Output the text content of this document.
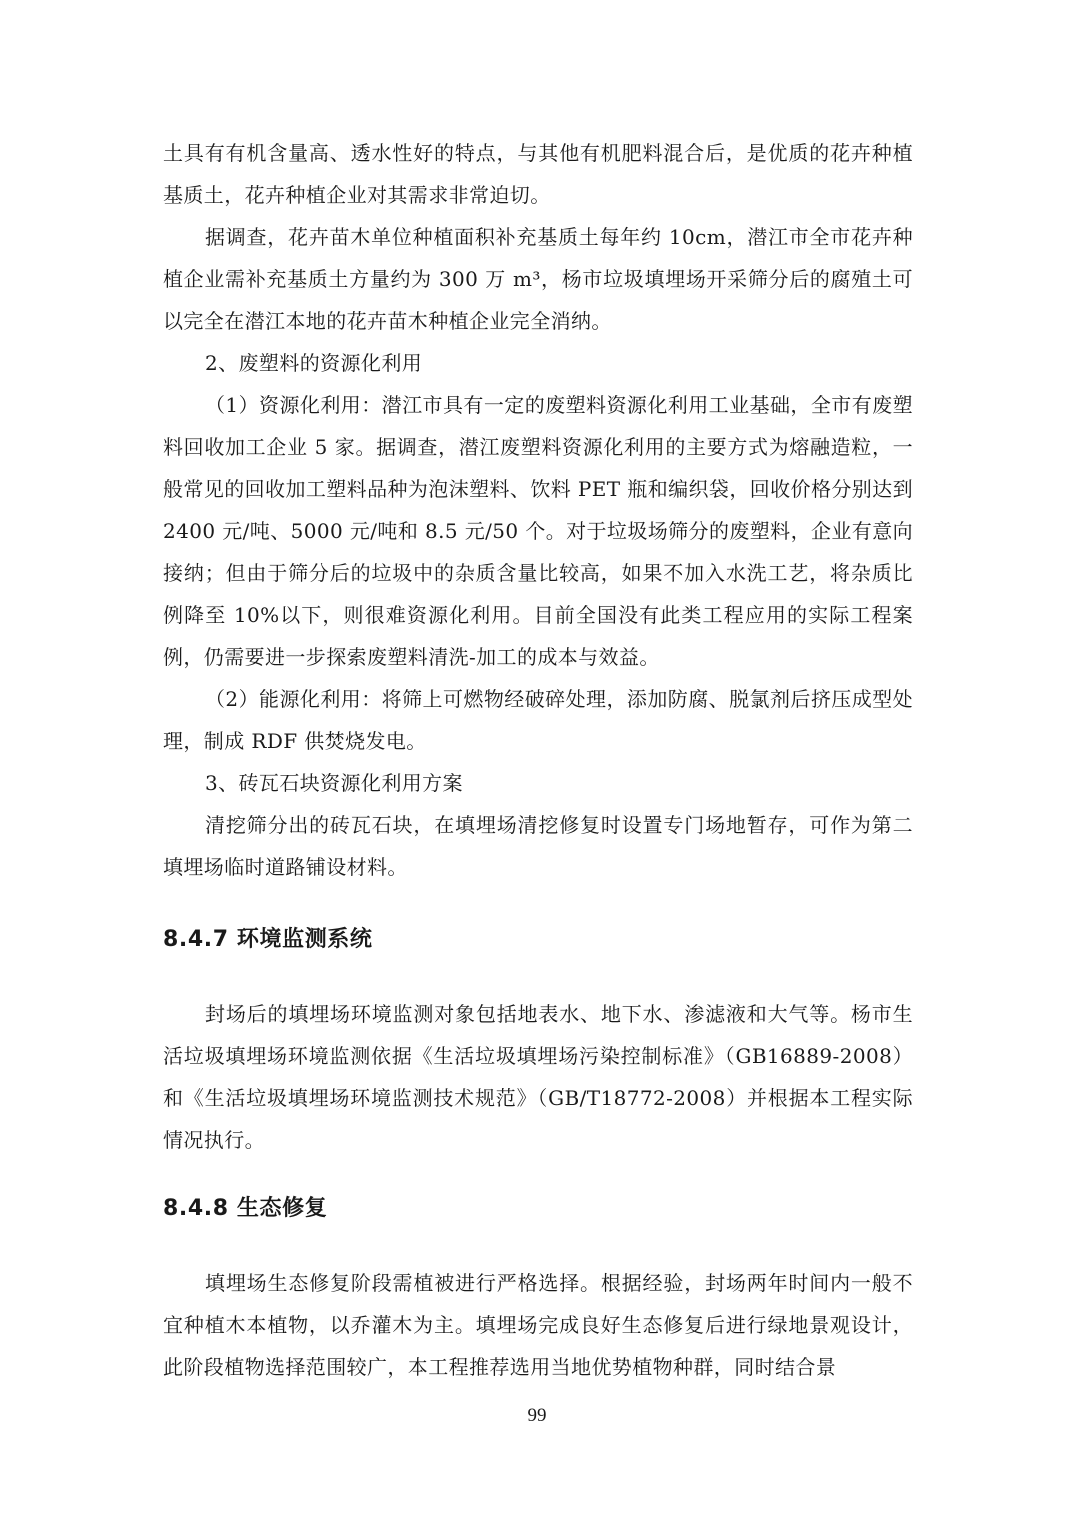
土具有有机含量高、透水性好的特点，与其他有机肥料混合后，是优质的花卉种植基质土，花卉种植企业对其需求非常迫切。

据调查，花卉苗木单位种植面积补充基质土每年约 10cm，潜江市全市花卉种植企业需补充基质土方量约为 300 万 m³，杨市垃圾填埋场开采筛分后的腐殖土可以完全在潜江本地的花卉苗木种植企业完全消纳。

2、废塑料的资源化利用

（1）资源化利用：潜江市具有一定的废塑料资源化利用工业基础，全市有废塑料回收加工企业 5 家。据调查，潜江废塑料资源化利用的主要方式为熔融造粒，一般常见的回收加工塑料品种为泡沫塑料、饮料 PET 瓶和编织袋，回收价格分别达到 2400 元/吨、5000 元/吨和 8.5 元/50 个。对于垃圾场筛分的废塑料，企业有意向接纳；但由于筛分后的垃圾中的杂质含量比较高，如果不加入水洗工艺，将杂质比例降至 10%以下，则很难资源化利用。目前全国没有此类工程应用的实际工程案例，仍需要进一步探索废塑料清洗-加工的成本与效益。

（2）能源化利用：将筛上可燃物经破碎处理，添加防腐、脱氯剂后挤压成型处理，制成 RDF 供焚烧发电。

3、砖瓦石块资源化利用方案

清挖筛分出的砖瓦石块，在填埋场清挖修复时设置专门场地暂存，可作为第二填埋场临时道路铺设材料。

8.4.7 环境监测系统

封场后的填埋场环境监测对象包括地表水、地下水、渗滤液和大气等。杨市生活垃圾填埋场环境监测依据《生活垃圾填埋场污染控制标准》（GB16889-2008）和《生活垃圾填埋场环境监测技术规范》（GB/T18772-2008）并根据本工程实际情况执行。

8.4.8 生态修复

填埋场生态修复阶段需植被进行严格选择。根据经验，封场两年时间内一般不宜种植木本植物，以乔灌木为主。填埋场完成良好生态修复后进行绿地景观设计，此阶段植物选择范围较广，本工程推荐选用当地优势植物种群，同时结合景

99
